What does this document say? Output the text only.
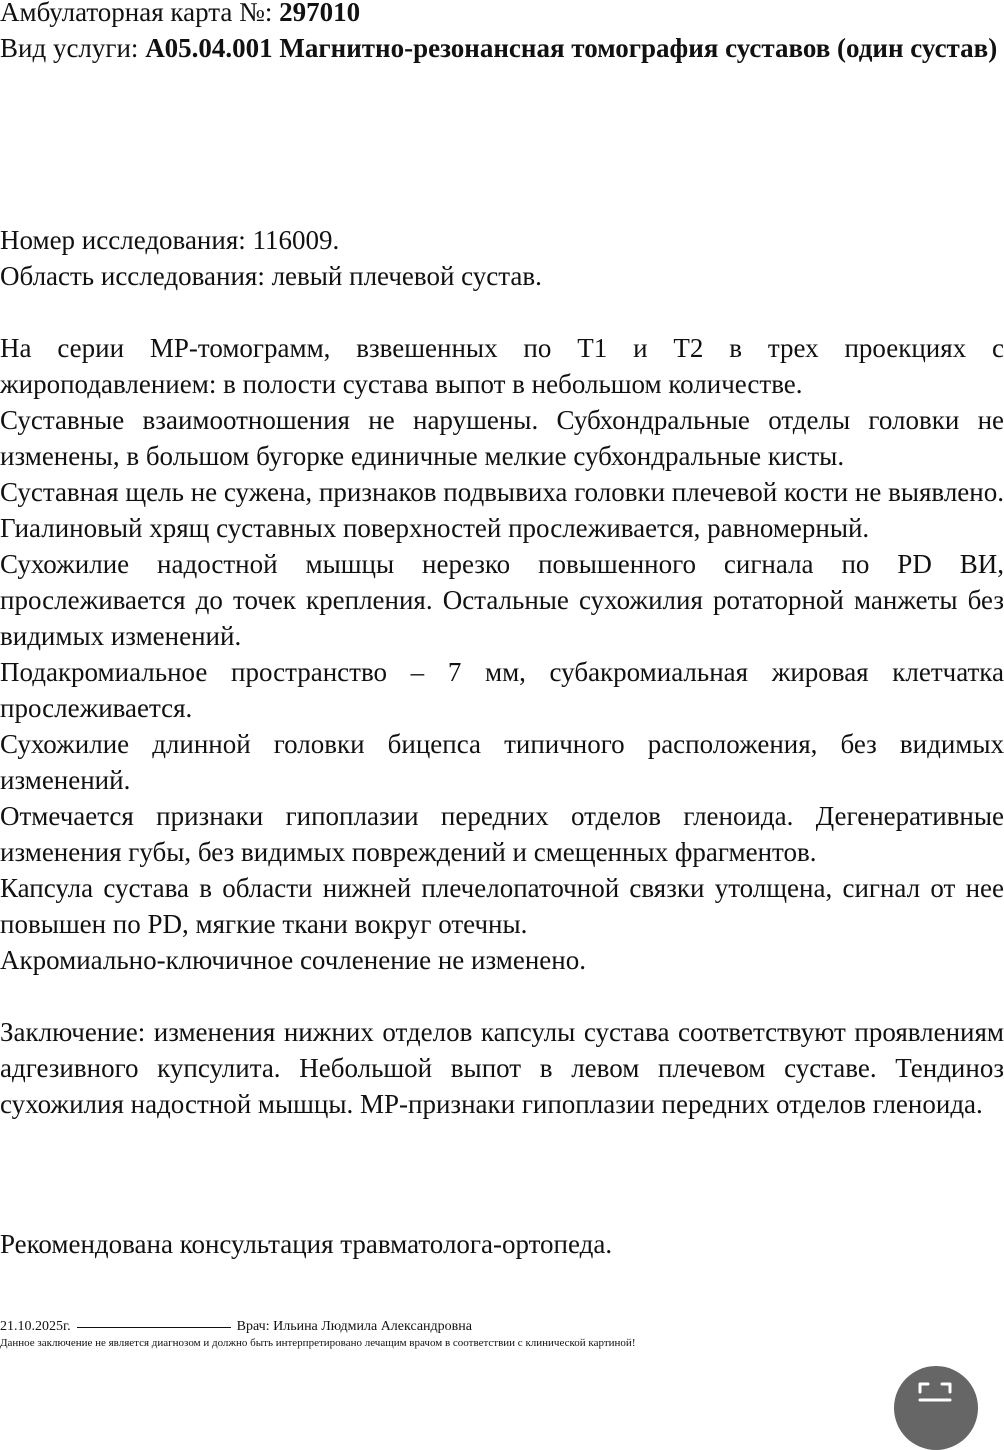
Амбулаторная карта №: 297010
Вид услуги: A05.04.001 Магнитно-резонансная томография суставов (один сустав)
Номер исследования: 116009.
Область исследования: левый плечевой сустав.

На серии МР-томограмм, взвешенных по Т1 и Т2 в трех проекциях с жироподавлением: в полости сустава выпот в небольшом количестве.

Суставные взаимоотношения не нарушены. Субхондральные отделы головки не изменены, в большом бугорке единичные мелкие субхондральные кисты.

Суставная щель не сужена, признаков подвывиха головки плечевой кости не выявлено. Гиалиновый хрящ суставных поверхностей прослеживается, равномерный.

Сухожилие надостной мышцы нерезко повышенного сигнала по PD ВИ, прослеживается до точек крепления. Остальные сухожилия ротаторной манжеты без видимых изменений.

Подакромиальное пространство – 7 мм, субакромиальная жировая клетчатка прослеживается.

Сухожилие длинной головки бицепса типичного расположения, без видимых изменений.

Отмечается признаки гипоплазии передних отделов гленоида. Дегенеративные изменения губы, без видимых повреждений и смещенных фрагментов.

Капсула сустава в области нижней плечелопаточной связки утолщена, сигнал от нее повышен по PD, мягкие ткани вокруг отечны.

Акромиально-ключичное сочленение не изменено.

Заключение: изменения нижних отделов капсулы сустава соответствуют проявлениям адгезивного купсулита. Небольшой выпот в левом плечевом суставе. Тендиноз сухожилия надостной мышцы. МР-признаки гипоплазии передних отделов гленоида.

Рекомендована консультация травматолога-ортопеда.
21.10.2025г.	Врач: Ильина Людмила Александровна
Данное заключение не является диагнозом и должно быть интерпретировано лечащим врачом в соответствии с клинической картиной!
